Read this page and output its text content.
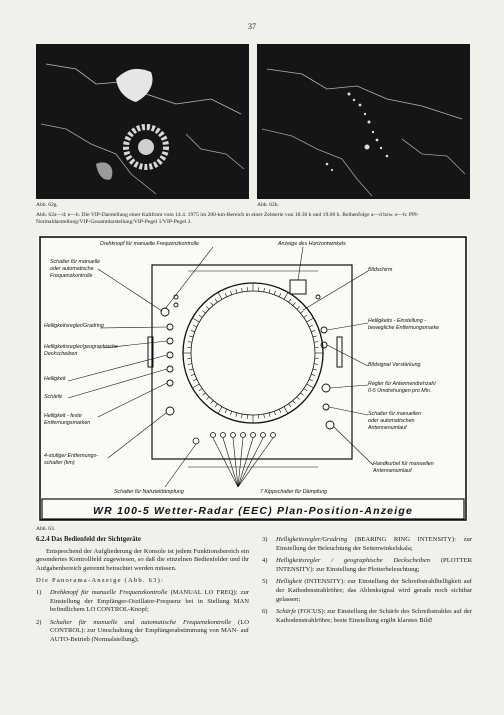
37
Abb. 62g.	Abb. 62h.
Abb. 62a—d; e—h. Die VIP-Darstellung einer Kaltfront vom 14.4. 1975 im 200-km-Bereich in einer Zeitserie von 18.30 h und 19.00 h. Reihenfolge a—d bzw. e—h: PPI-Normaldarstellung/VIP-Gesamtdarstellung/VIP-Pegel 1/VIP-Pegel 2.
Drehknopf für manuelle Frequenzkontrolle	Anzeige des Horizontwinkels
Schalter für manuelle
oder automatische
Frequenzkontrolle
Helligkeitsregler/Gradring
Helligkeitsregler/geographische
Deckscheiben
Helligkeit
Schärfe
Helligkeit - feste
Entfernungsmarken
4-stufiger Entfernungs-
schalter (km)
Bildschirm
Helligkeits - Einstellung -
bewegliche Entfernungsmarke
Bildsignal Verstärkung
Regler für Antennendrehzahl
0-5 Umdrehungen pro Min.
Schalter für manuellen
oder automatischen
Antennenumlauf
Handkurbel für manuellen
Antennenumlauf
Schalter für Nahzieldämpfung	7 Kippschalter für Dämpfung
WR 100-5 Wetter-Radar (EEC) Plan-Position-Anzeige
Abb. 63.

6.2.4 Das Bedienfeld der Sichtgeräte

Entsprechend der Aufgliederung der Konsole ist jedem Funktionsbereich ein gesondertes Kontrollfeld zugewiesen, so daß die einzelnen Bedienfelder und ihr Aufgabenbereich getrennt betrachtet werden müssen.

Die Panorama-Anzeige (Abb. 63):

1)	Drehknopf für manuelle Frequenzkontrolle (MANUAL LO FREQ): zur Einstellung der Empfänger-Oszillator-Frequenz bei in Stellung MAN befindlichem LO CONTROL-Knopf;
2)	Schalter für manuelle und automatische Frequenzkontrolle (LO CONTROL): zur Umschaltung der Empfängerabstimmung von MAN- auf AUTO-Betrieb (Normalstellung);
3)	Helligkeitsregler/Gradring (BEARING RING INTENSITY): zur Einstellung der Beleuchtung der Seitenwinkelskala;
4)	Helligkeitsregler / geographische Deckscheiben (PLOTTER INTENSITY): zur Einstellung der Plotterbeleuchtung;
5)	Helligkeit (INTENSITY): zur Einstellung der Schreibstrahlhelligkeit auf der Kathodenstrahlröhre; das Ablenksignal wird gerade noch sichtbar gelassen;
6)	Schärfe (FOCUS): zur Einstellung der Schärfe des Schreibstrahles auf der Kathodenstrahlröhre; beste Einstellung ergibt klarstes Bild!
